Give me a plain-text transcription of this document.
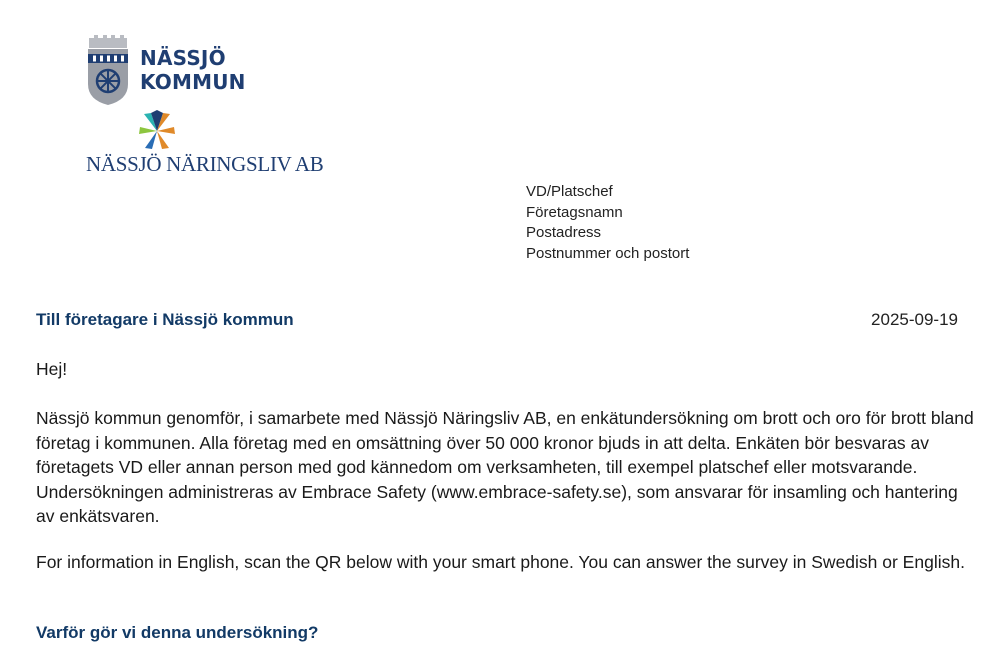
NÄSSJÖ
KOMMUN
NÄSSJÖ NÄRINGSLIV AB
VD/Platschef
Företagsnamn
Postadress
Postnummer och postort
Till företagare i Nässjö kommun	2025-09-19
Hej!
Nässjö kommun genomför, i samarbete med Nässjö Näringsliv AB, en enkätundersökning om brott och oro för brott bland företag i kommunen. Alla företag med en omsättning över 50 000 kronor bjuds in att delta. Enkäten bör besvaras av företagets VD eller annan person med god kännedom om verksamheten, till exempel platschef eller motsvarande. Undersökningen administreras av Embrace Safety (www.embrace-safety.se), som ansvarar för insamling och hantering av enkätsvaren.
For information in English, scan the QR below with your smart phone. You can answer the survey in Swedish or English.
Varför gör vi denna undersökning?
